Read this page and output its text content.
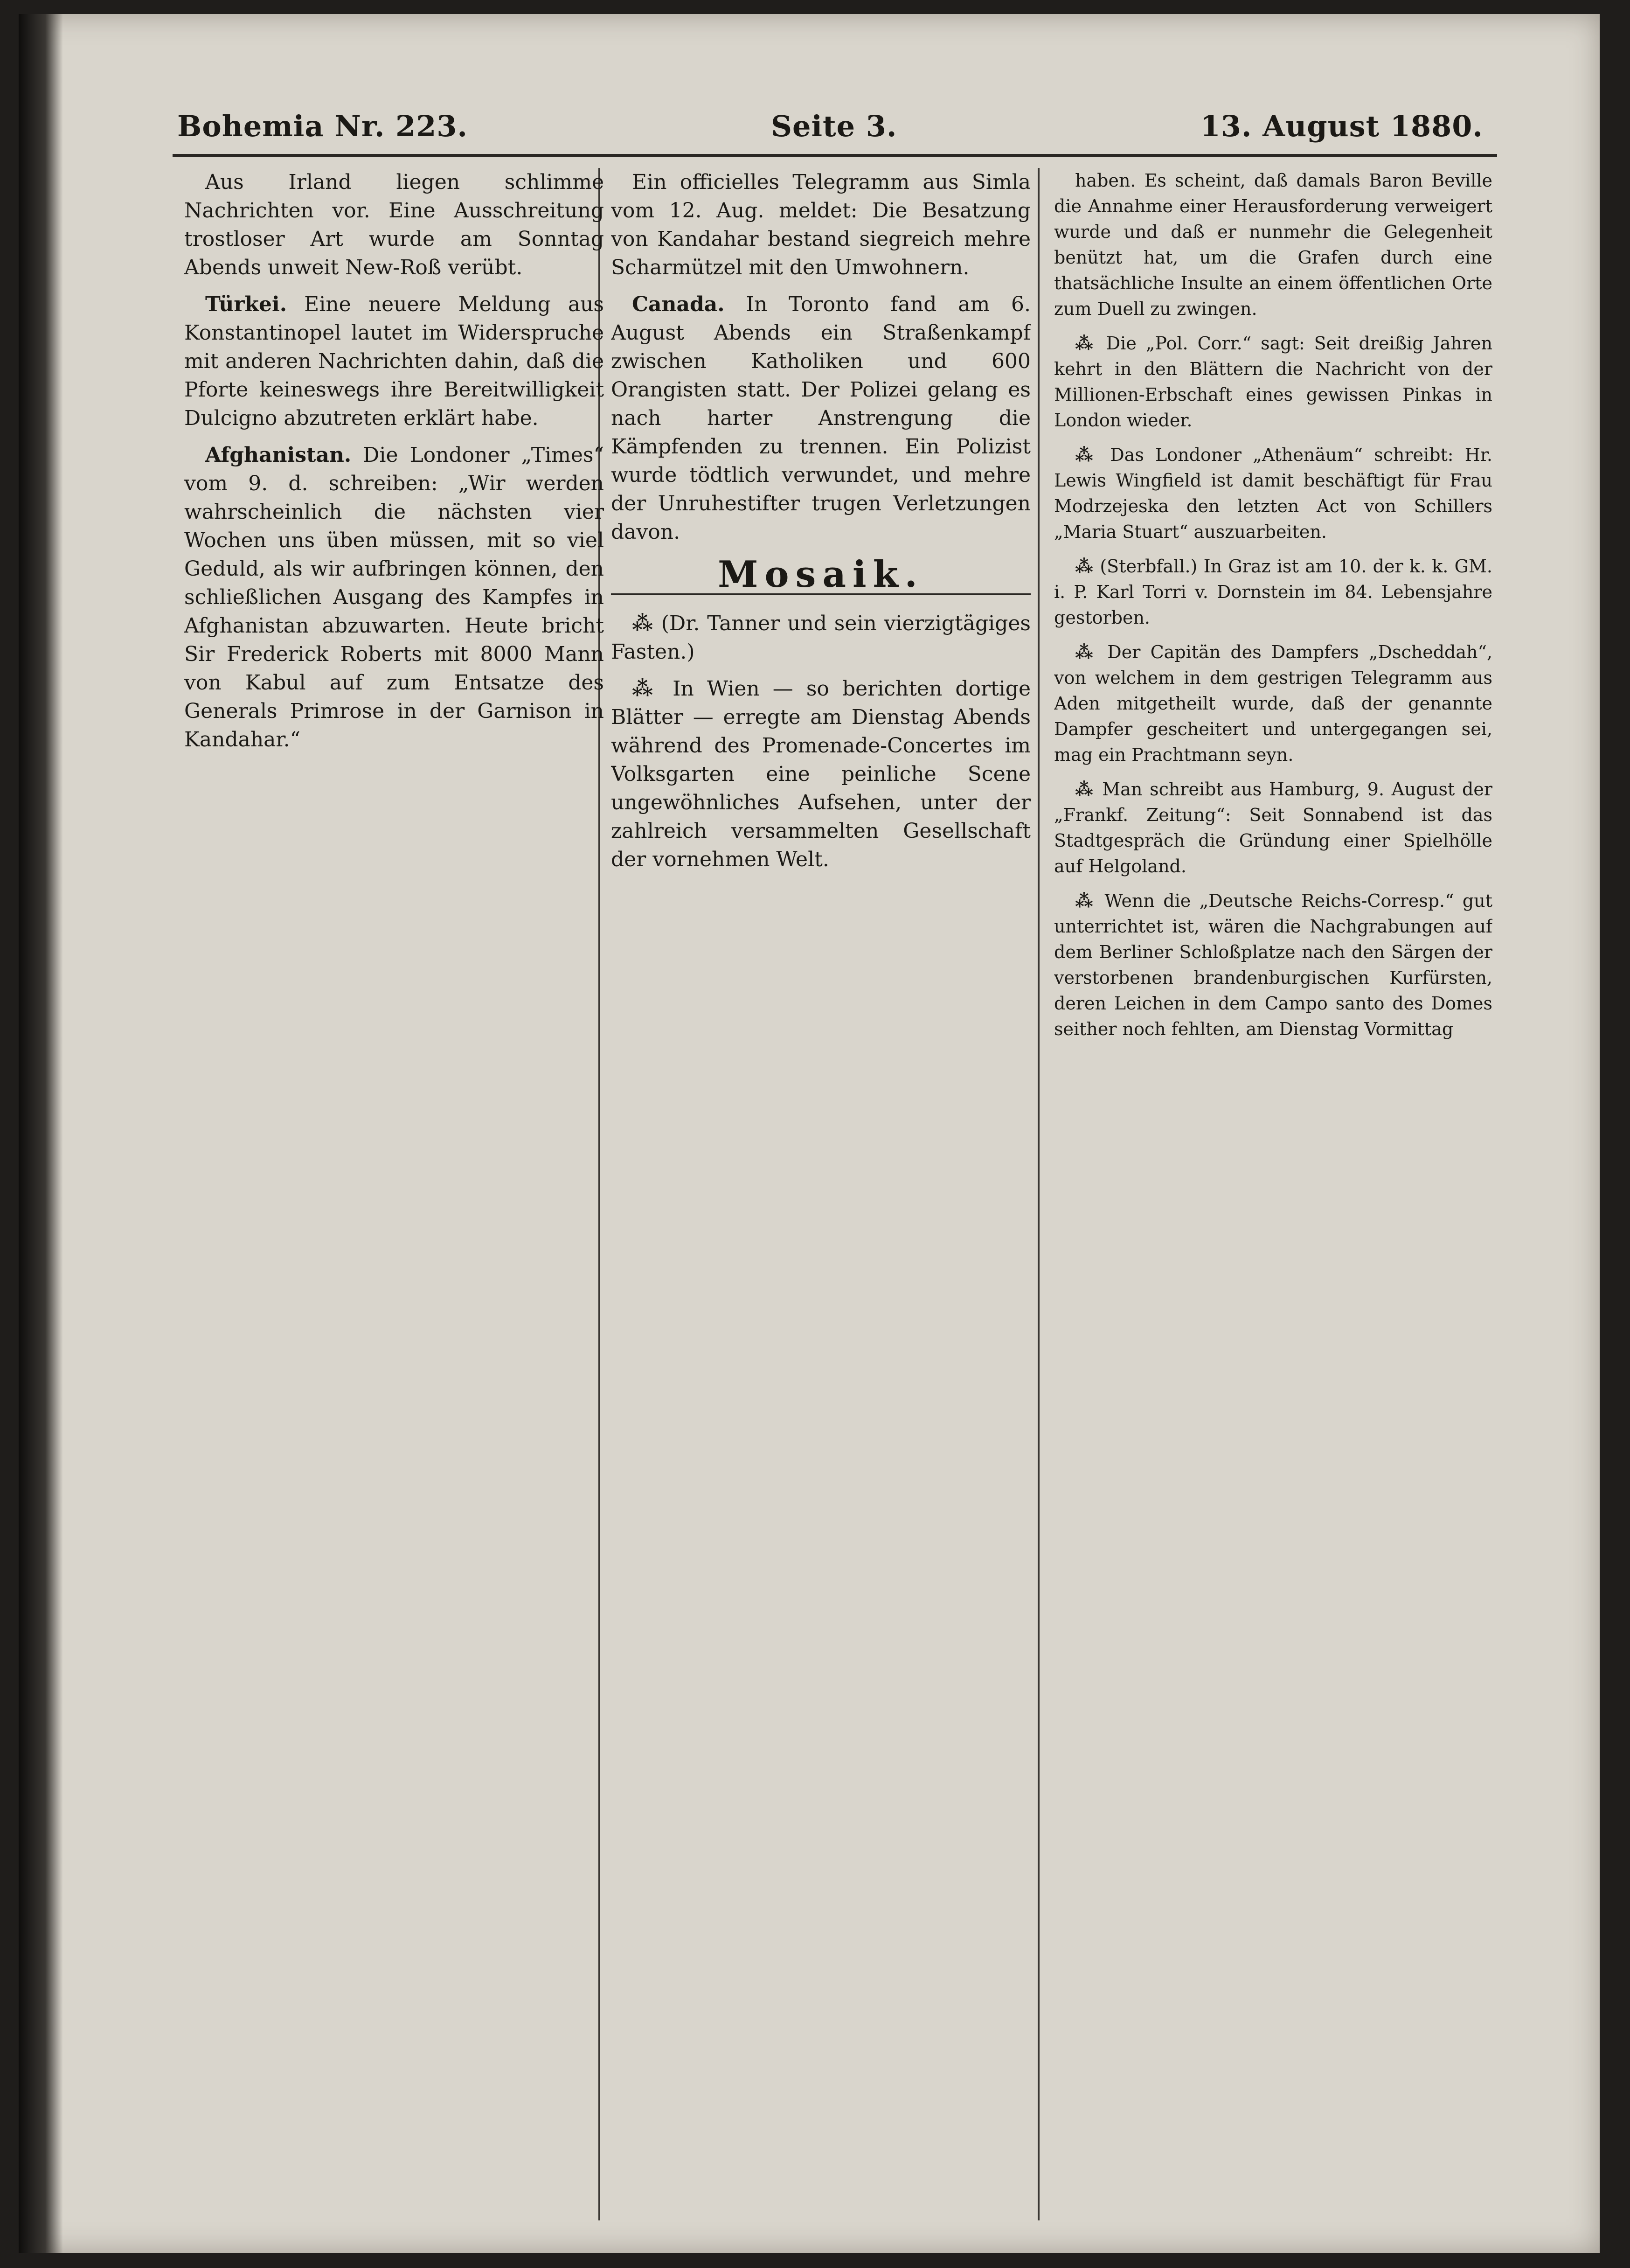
Bohemia Nr. 223.	Seite 3.	13. August 1880.

Aus Irland liegen schlimme Nachrichten vor. Eine Ausschreitung trostloser Art wurde am Sonntag Abends unweit New-Roß verübt.

Türkei. Eine neuere Meldung aus Konstantinopel lautet im Widerspruche mit anderen Nachrichten dahin, daß die Pforte keineswegs ihre Bereitwilligkeit Dulcigno abzutreten erklärt habe.

Afghanistan. Die Londoner „Times“ vom 9. d. schreiben: „Wir werden wahrscheinlich die nächsten vier Wochen uns üben müssen, mit so viel Geduld, als wir aufbringen können, den schließlichen Ausgang des Kampfes in Afghanistan abzuwarten. Heute bricht Sir Frederick Roberts mit 8000 Mann von Kabul auf zum Entsatze des Generals Primrose in der Garnison in Kandahar.“

Ein officielles Telegramm aus Simla vom 12. Aug. meldet: Die Besatzung von Kandahar bestand siegreich mehre Scharmützel mit den Umwohnern.

Canada. In Toronto fand am 6. August Abends ein Straßenkampf zwischen Katholiken und 600 Orangisten statt. Der Polizei gelang es nach harter Anstrengung die Kämpfenden zu trennen. Ein Polizist wurde tödtlich verwundet, und mehre der Unruhestifter trugen Verletzungen davon.

Mosaik.

⁂ (Dr. Tanner und sein vierzigtägiges Fasten.)

⁂ In Wien — so berichten dortige Blätter — erregte am Dienstag Abends während des Promenade-Concertes im Volksgarten eine peinliche Scene ungewöhnliches Aufsehen, unter der zahlreich versammelten Gesellschaft der vornehmen Welt.

haben. Es scheint, daß damals Baron Beville die Annahme einer Herausforderung verweigert wurde und daß er nunmehr die Gelegenheit benützt hat, um die Grafen durch eine thatsächliche Insulte an einem öffentlichen Orte zum Duell zu zwingen.

⁂ Die „Pol. Corr.“ sagt: Seit dreißig Jahren kehrt in den Blättern die Nachricht von der Millionen-Erbschaft eines gewissen Pinkas in London wieder.

⁂ Das Londoner „Athenäum“ schreibt: Hr. Lewis Wingfield ist damit beschäftigt für Frau Modrzejeska den letzten Act von Schillers „Maria Stuart“ auszuarbeiten.

⁂ (Sterbfall.) In Graz ist am 10. der k. k. GM. i. P. Karl Torri v. Dornstein im 84. Lebensjahre gestorben.

⁂ Der Capitän des Dampfers „Dscheddah“, von welchem in dem gestrigen Telegramm aus Aden mitgetheilt wurde, daß der genannte Dampfer gescheitert und untergegangen sei, mag ein Prachtmann seyn.

⁂ Man schreibt aus Hamburg, 9. August der „Frankf. Zeitung“: Seit Sonnabend ist das Stadtgespräch die Gründung einer Spielhölle auf Helgoland.

⁂ Wenn die „Deutsche Reichs-Corresp.“ gut unterrichtet ist, wären die Nachgrabungen auf dem Berliner Schloßplatze nach den Särgen der verstorbenen brandenburgischen Kurfürsten, deren Leichen in dem Campo santo des Domes seither noch fehlten, am Dienstag Vormittag
